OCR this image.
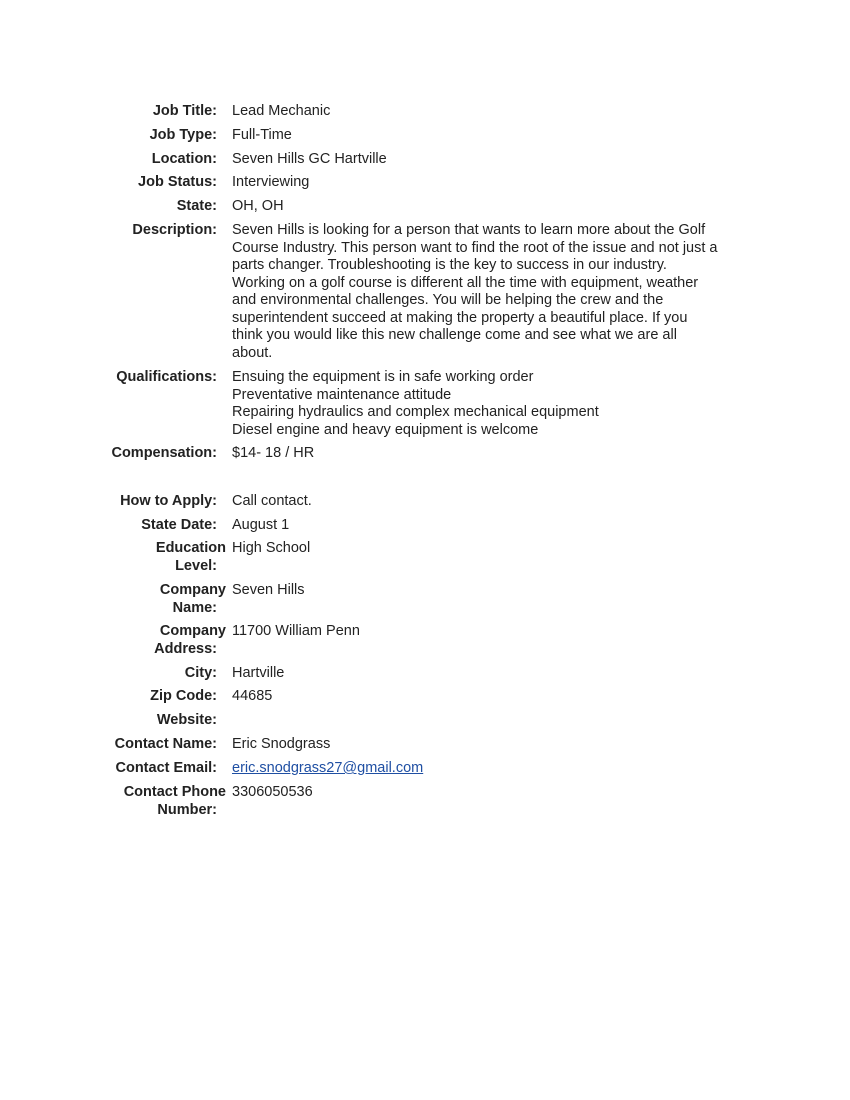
Job Title: Lead Mechanic
Job Type: Full-Time
Location: Seven Hills GC Hartville
Job Status: Interviewing
State: OH, OH
Description: Seven Hills is looking for a person that wants to learn more about the Golf
Course Industry. This person want to find the root of the issue and not just a
parts changer. Troubleshooting is the key to success in our industry.
Working on a golf course is different all the time with equipment, weather
and environmental challenges. You will be helping the crew and the
superintendent succeed at making the property a beautiful place. If you
think you would like this new challenge come and see what we are all
about.
Qualifications: Ensuing the equipment is in safe working order
Preventative maintenance attitude
Repairing hydraulics and complex mechanical equipment
Diesel engine and heavy equipment is welcome
Compensation: $14- 18 / HR
How to Apply: Call contact.
State Date: August 1
Education
Level:
High School
Company
Name:
Seven Hills
Company
Address:
11700 William Penn
City: Hartville
Zip Code: 44685
Website:
Contact Name: Eric Snodgrass
Contact Email: eric.snodgrass27@gmail.com
Contact Phone
Number:
3306050536
